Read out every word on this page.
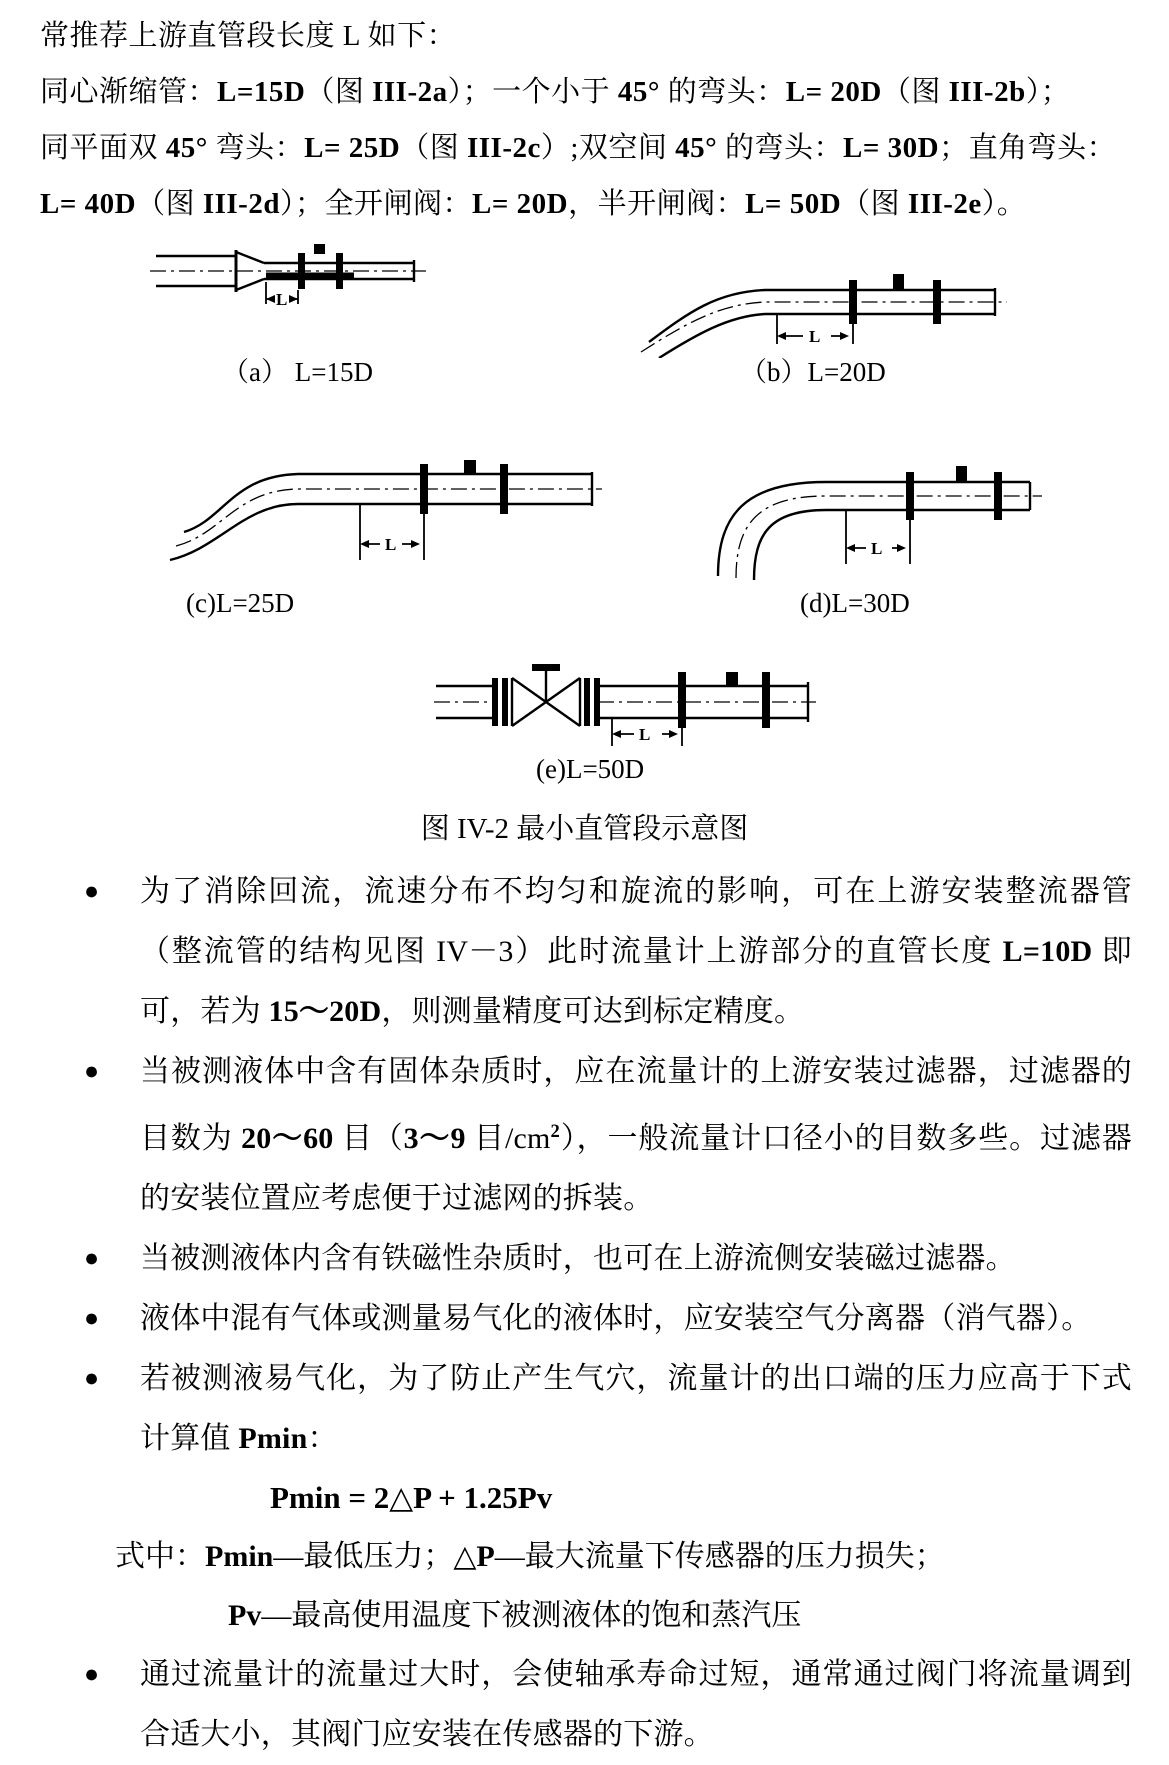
常推荐上游直管段长度 L 如下：
同心渐缩管：L=15D（图 III-2a）；一个小于 45° 的弯头：L= 20D（图 III-2b）；
同平面双 45° 弯头：L= 25D（图 III-2c）;双空间 45° 的弯头：L= 30D；直角弯头：
L= 40D（图 III-2d）；全开闸阀：L= 20D，半开闸阀：L= 50D（图 III-2e）。
L
L
L	L
L
（a） L=15D	（b）L=20D
(c)L=25D	(d)L=30D
(e)L=50D
图 IV-2 最小直管段示意图
●	为了消除回流，流速分布不均匀和旋流的影响，可在上游安装整流器管（整流管的结构见图 IV－3）此时流量计上游部分的直管长度 L=10D 即可，若为 15～20D，则测量精度可达到标定精度。
●	当被测液体中含有固体杂质时，应在流量计的上游安装过滤器，过滤器的目数为 20～60 目（3～9 目$/cm^2$），一般流量计口径小的目数多些。过滤器的安装位置应考虑便于过滤网的拆装。
●	当被测液体内含有铁磁性杂质时，也可在上游流侧安装磁过滤器。
●	液体中混有气体或测量易气化的液体时，应安装空气分离器（消气器）。
●	若被测液易气化，为了防止产生气穴，流量计的出口端的压力应高于下式计算值 Pmin：
Pmin = 2△P + 1.25Pv
式中：Pmin—最低压力；△P—最大流量下传感器的压力损失；
Pv—最高使用温度下被测液体的饱和蒸汽压
●	通过流量计的流量过大时，会使轴承寿命过短，通常通过阀门将流量调到合适大小，其阀门应安装在传感器的下游。
